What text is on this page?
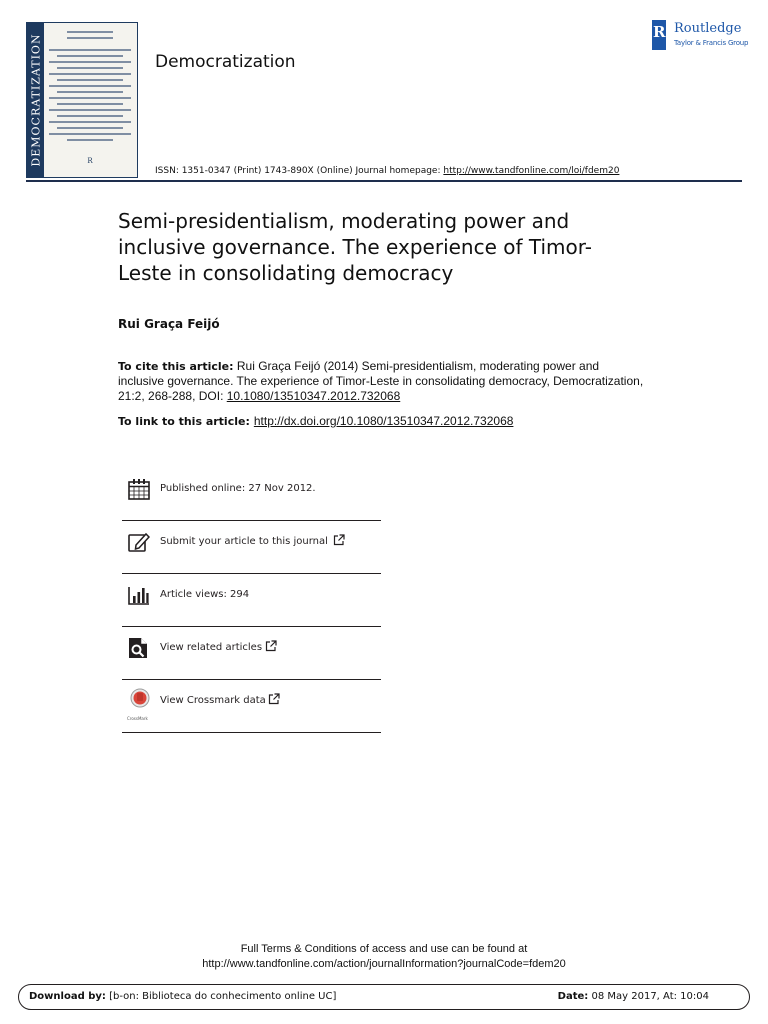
DEMOCRATIZATION	R
Democratization
ISSN: 1351-0347 (Print) 1743-890X (Online) Journal homepage: http://www.tandfonline.com/loi/fdem20
R
Routledge
Taylor & Francis Group
Semi-presidentialism, moderating power and inclusive governance. The experience of Timor-Leste in consolidating democracy
Rui Graça Feijó
To cite this article: Rui Graça Feijó (2014) Semi-presidentialism, moderating power and inclusive governance. The experience of Timor-Leste in consolidating democracy, Democratization, 21:2, 268-288, DOI: 10.1080/13510347.2012.732068
To link to this article: http://dx.doi.org/10.1080/13510347.2012.732068
Published online: 27 Nov 2012.
Submit your article to this journal
Article views: 294
View related articles
CrossMark
View Crossmark data
Full Terms & Conditions of access and use can be found at
http://www.tandfonline.com/action/journalInformation?journalCode=fdem20
Download by: [b-on: Biblioteca do conhecimento online UC]	Date: 08 May 2017, At: 10:04
